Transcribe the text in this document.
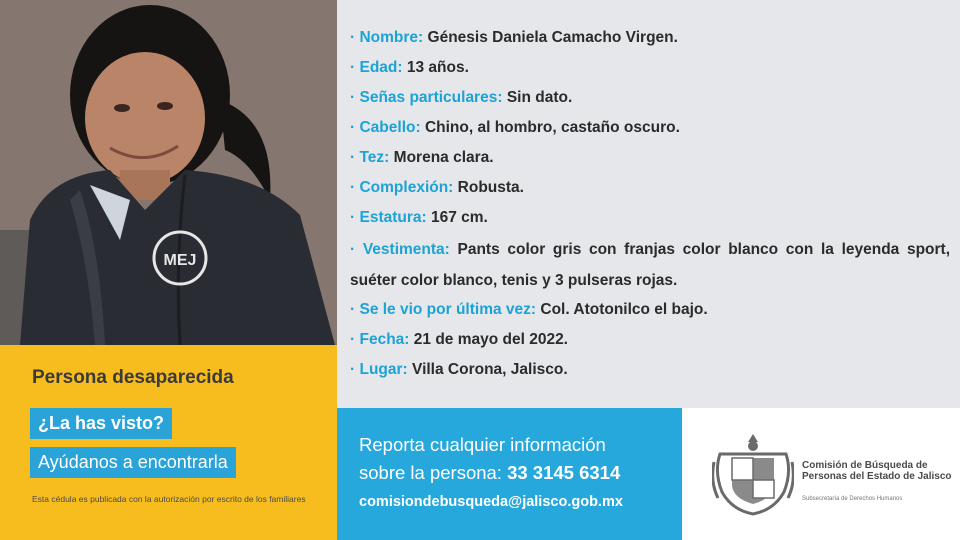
MEJ
· Nombre: Génesis Daniela Camacho Virgen.
· Edad: 13 años.
· Señas particulares: Sin dato.
· Cabello: Chino, al hombro, castaño oscuro.
· Tez: Morena clara.
· Complexión: Robusta.
· Estatura: 167 cm.
· Vestimenta: Pants color gris con franjas color blanco con la leyenda sport, suéter color blanco, tenis y 3 pulseras rojas.
· Se le vio por última vez: Col. Atotonilco el bajo.
· Fecha: 21 de mayo del 2022.
· Lugar: Villa Corona, Jalisco.
Persona desaparecida
¿La has visto?
Ayúdanos a encontrarla
Esta cédula es publicada con la autorización por escrito de los familiares
Reporta cualquier información
sobre la persona: 33 3145 6314
comisiondebusqueda@jalisco.gob.mx
Comisión de Búsqueda de Personas del Estado de Jalisco
Subsecretaría de Derechos Humanos
